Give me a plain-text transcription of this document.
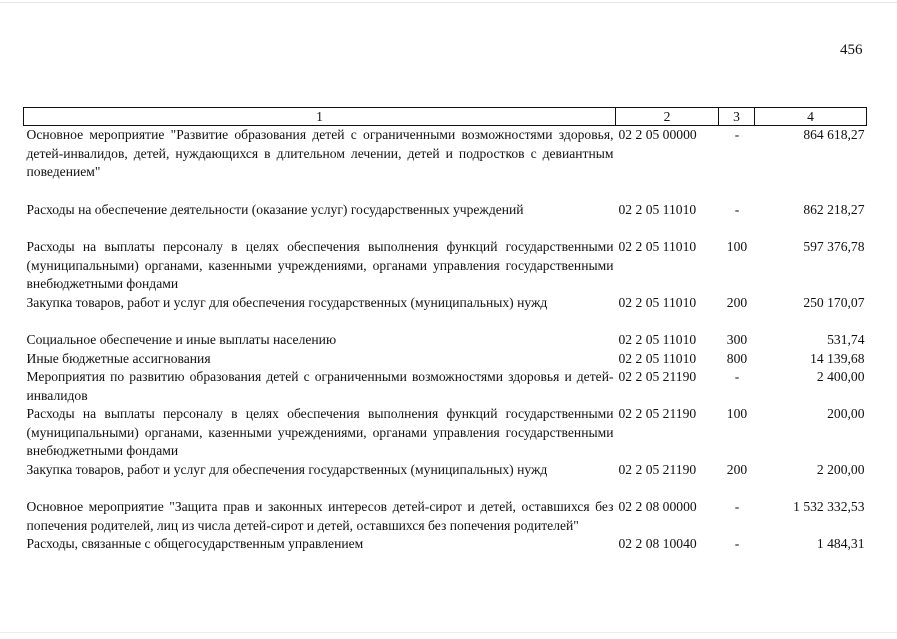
456
1	2	3	4
Основное мероприятие "Развитие образования детей с ограниченными возможностями здоровья, детей-инвалидов, детей, нуждающихся в длительном лечении, детей и подростков с девиантным поведением"	02 2 05 00000	-	864 618,27
Расходы на обеспечение деятельности (оказание услуг) государственных учреждений	02 2 05 11010	-	862 218,27
Расходы на выплаты персоналу в целях обеспечения выполнения функций государственными (муниципальными) органами, казенными учреждениями, органами управления государственными внебюджетными фондами	02 2 05 11010	100	597 376,78
Закупка товаров, работ и услуг для обеспечения государственных (муниципальных) нужд	02 2 05 11010	200	250 170,07
Социальное обеспечение и иные выплаты населению	02 2 05 11010	300	531,74
Иные бюджетные ассигнования	02 2 05 11010	800	14 139,68
Мероприятия по развитию образования детей с ограниченными возможностями здоровья и детей-инвалидов	02 2 05 21190	-	2 400,00
Расходы на выплаты персоналу в целях обеспечения выполнения функций государственными (муниципальными) органами, казенными учреждениями, органами управления государственными внебюджетными фондами	02 2 05 21190	100	200,00
Закупка товаров, работ и услуг для обеспечения государственных (муниципальных) нужд	02 2 05 21190	200	2 200,00
Основное мероприятие "Защита прав и законных интересов детей-сирот и детей, оставшихся без попечения родителей, лиц из числа детей-сирот и детей, оставшихся без попечения родителей"	02 2 08 00000	-	1 532 332,53
Расходы, связанные с общегосударственным управлением	02 2 08 10040	-	1 484,31
